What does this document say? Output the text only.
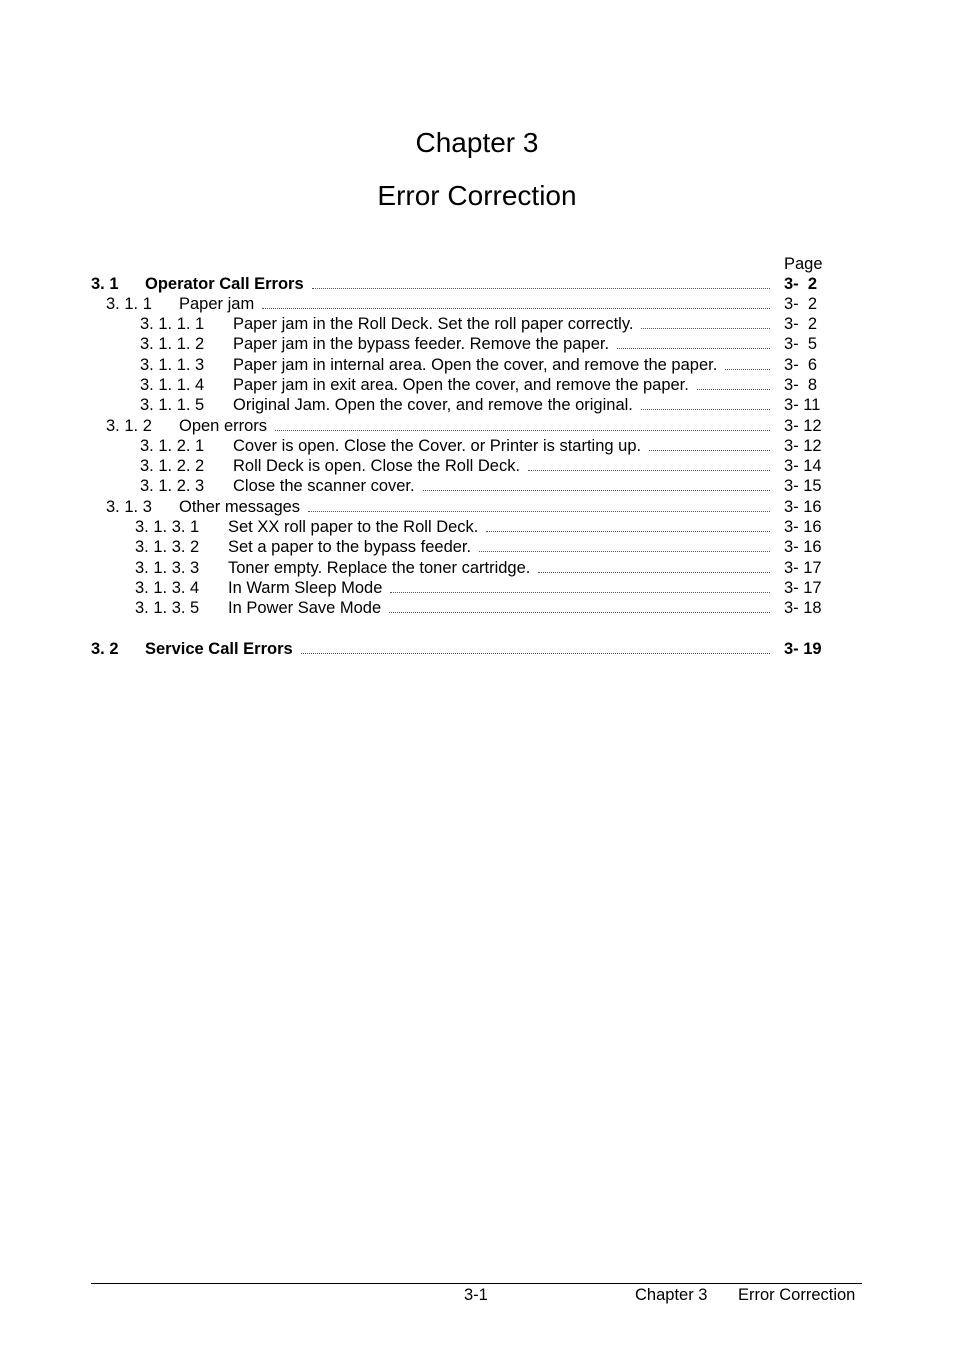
Chapter 3
Error Correction
Page
3. 1 Operator Call Errors	3-  2
3. 1. 1 Paper jam	3-  2
3. 1. 1. 1 Paper jam in the Roll Deck. Set the roll paper correctly.	3-  2
3. 1. 1. 2 Paper jam in the bypass feeder. Remove the paper.	3-  5
3. 1. 1. 3 Paper jam in internal area. Open the cover, and remove the paper.	3-  6
3. 1. 1. 4 Paper jam in exit area. Open the cover, and remove the paper.	3-  8
3. 1. 1. 5 Original Jam. Open the cover, and remove the original.	3- 11
3. 1. 2 Open errors	3- 12
3. 1. 2. 1 Cover is open. Close the Cover. or Printer is starting up.	3- 12
3. 1. 2. 2 Roll Deck is open. Close the Roll Deck.	3- 14
3. 1. 2. 3 Close the scanner cover.	3- 15
3. 1. 3 Other messages	3- 16
3. 1. 3. 1 Set XX roll paper to the Roll Deck.	3- 16
3. 1. 3. 2 Set a paper to the bypass feeder.	3- 16
3. 1. 3. 3 Toner empty. Replace the toner cartridge.	3- 17
3. 1. 3. 4 In Warm Sleep Mode	3- 17
3. 1. 3. 5 In Power Save Mode	3- 18
3. 2 Service Call Errors	3- 19
3-1	Chapter 3 Error Correction
